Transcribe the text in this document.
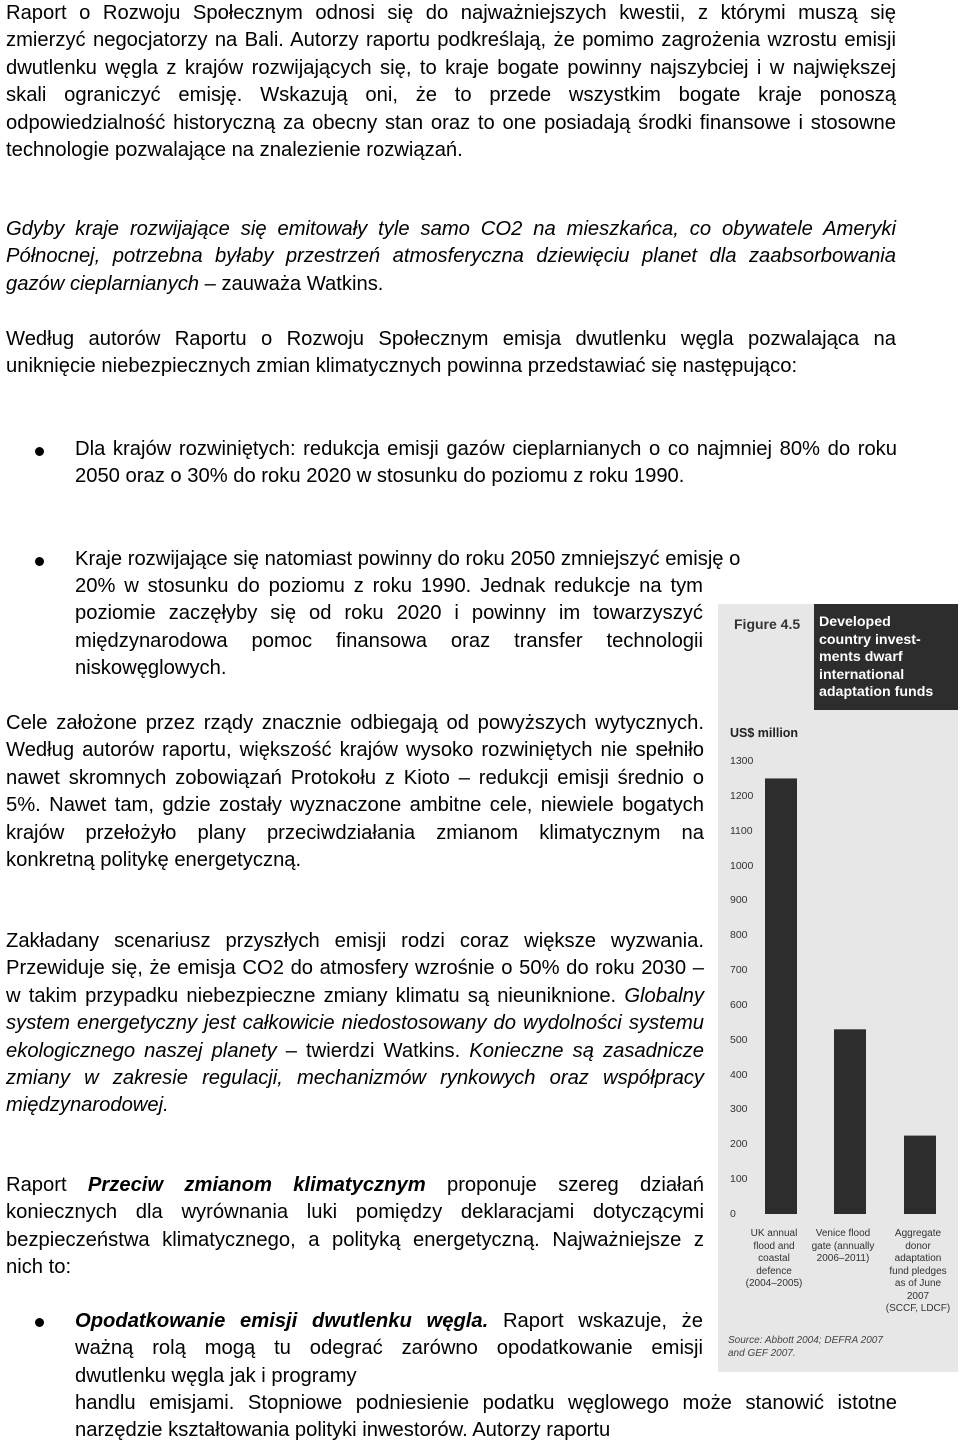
Raport o Rozwoju Społecznym odnosi się do najważniejszych kwestii, z którymi muszą się zmierzyć negocjatorzy na Bali. Autorzy raportu podkreślają, że pomimo zagrożenia wzrostu emisji dwutlenku węgla z krajów rozwijających się, to kraje bogate powinny najszybciej i w największej skali ograniczyć emisję. Wskazują oni, że to przede wszystkim bogate kraje ponoszą odpowiedzialność historyczną za obecny stan oraz to one posiadają środki finansowe i stosowne technologie pozwalające na znalezienie rozwiązań.

Gdyby kraje rozwijające się emitowały tyle samo CO2 na mieszkańca, co obywatele Ameryki Północnej, potrzebna byłaby przestrzeń atmosferyczna dziewięciu planet dla zaabsorbowania gazów cieplarnianych – zauważa Watkins.

Według autorów Raportu o Rozwoju Społecznym emisja dwutlenku węgla pozwalająca na uniknięcie niebezpiecznych zmian klimatycznych powinna przedstawiać się następująco:

Dla krajów rozwiniętych: redukcja emisji gazów cieplarnianych o co najmniej 80% do roku 2050 oraz o 30% do roku 2020 w stosunku do poziomu z roku 1990.

Kraje rozwijające się natomiast powinny do roku 2050 zmniejszyć emisję o

20% w stosunku do poziomu z roku 1990. Jednak redukcje na tym poziomie zaczęłyby się od roku 2020 i powinny im towarzyszyć międzynarodowa pomoc finansowa oraz transfer technologii niskowęglowych.

Cele założone przez rządy znacznie odbiegają od powyższych wytycznych. Według autorów raportu, większość krajów wysoko rozwiniętych nie spełniło nawet skromnych zobowiązań Protokołu z Kioto – redukcji emisji średnio o 5%. Nawet tam, gdzie zostały wyznaczone ambitne cele, niewiele bogatych krajów przełożyło plany przeciwdziałania zmianom klimatycznym na konkretną politykę energetyczną.

Zakładany scenariusz przyszłych emisji rodzi coraz większe wyzwania. Przewiduje się, że emisja CO2 do atmosfery wzrośnie o 50% do roku 2030 – w takim przypadku niebezpieczne zmiany klimatu są nieuniknione. Globalny system energetyczny jest całkowicie niedostosowany do wydolności systemu ekologicznego naszej planety – twierdzi Watkins. Konieczne są zasadnicze zmiany w zakresie regulacji, mechanizmów rynkowych oraz współpracy międzynarodowej.

Raport Przeciw zmianom klimatycznym proponuje szereg działań koniecznych dla wyrównania luki pomiędzy deklaracjami dotyczącymi bezpieczeństwa klimatycznego, a polityką energetyczną. Najważniejsze z nich to:

Opodatkowanie emisji dwutlenku węgla. Raport wskazuje, że ważną rolą mogą tu odegrać zarówno opodatkowanie emisji dwutlenku węgla jak i programy

handlu emisjami. Stopniowe podniesienie podatku węglowego może stanowić istotne narzędzie kształtowania polityki inwestorów. Autorzy raportu

Figure 4.5 Developed
country invest-
ments dwarf
international
adaptation funds
US$ million
0
100
200
300
400
500
600
700
800
900
1000
1100
1200
1300
UK annual
flood and
coastal
defence
(2004–2005)
Venice flood
gate (annually
2006–2011)
Aggregate
donor
adaptation
fund pledges
as of June
2007
(SCCF, LDCF)
Source: Abbott 2004; DEFRA 2007
and GEF 2007.
